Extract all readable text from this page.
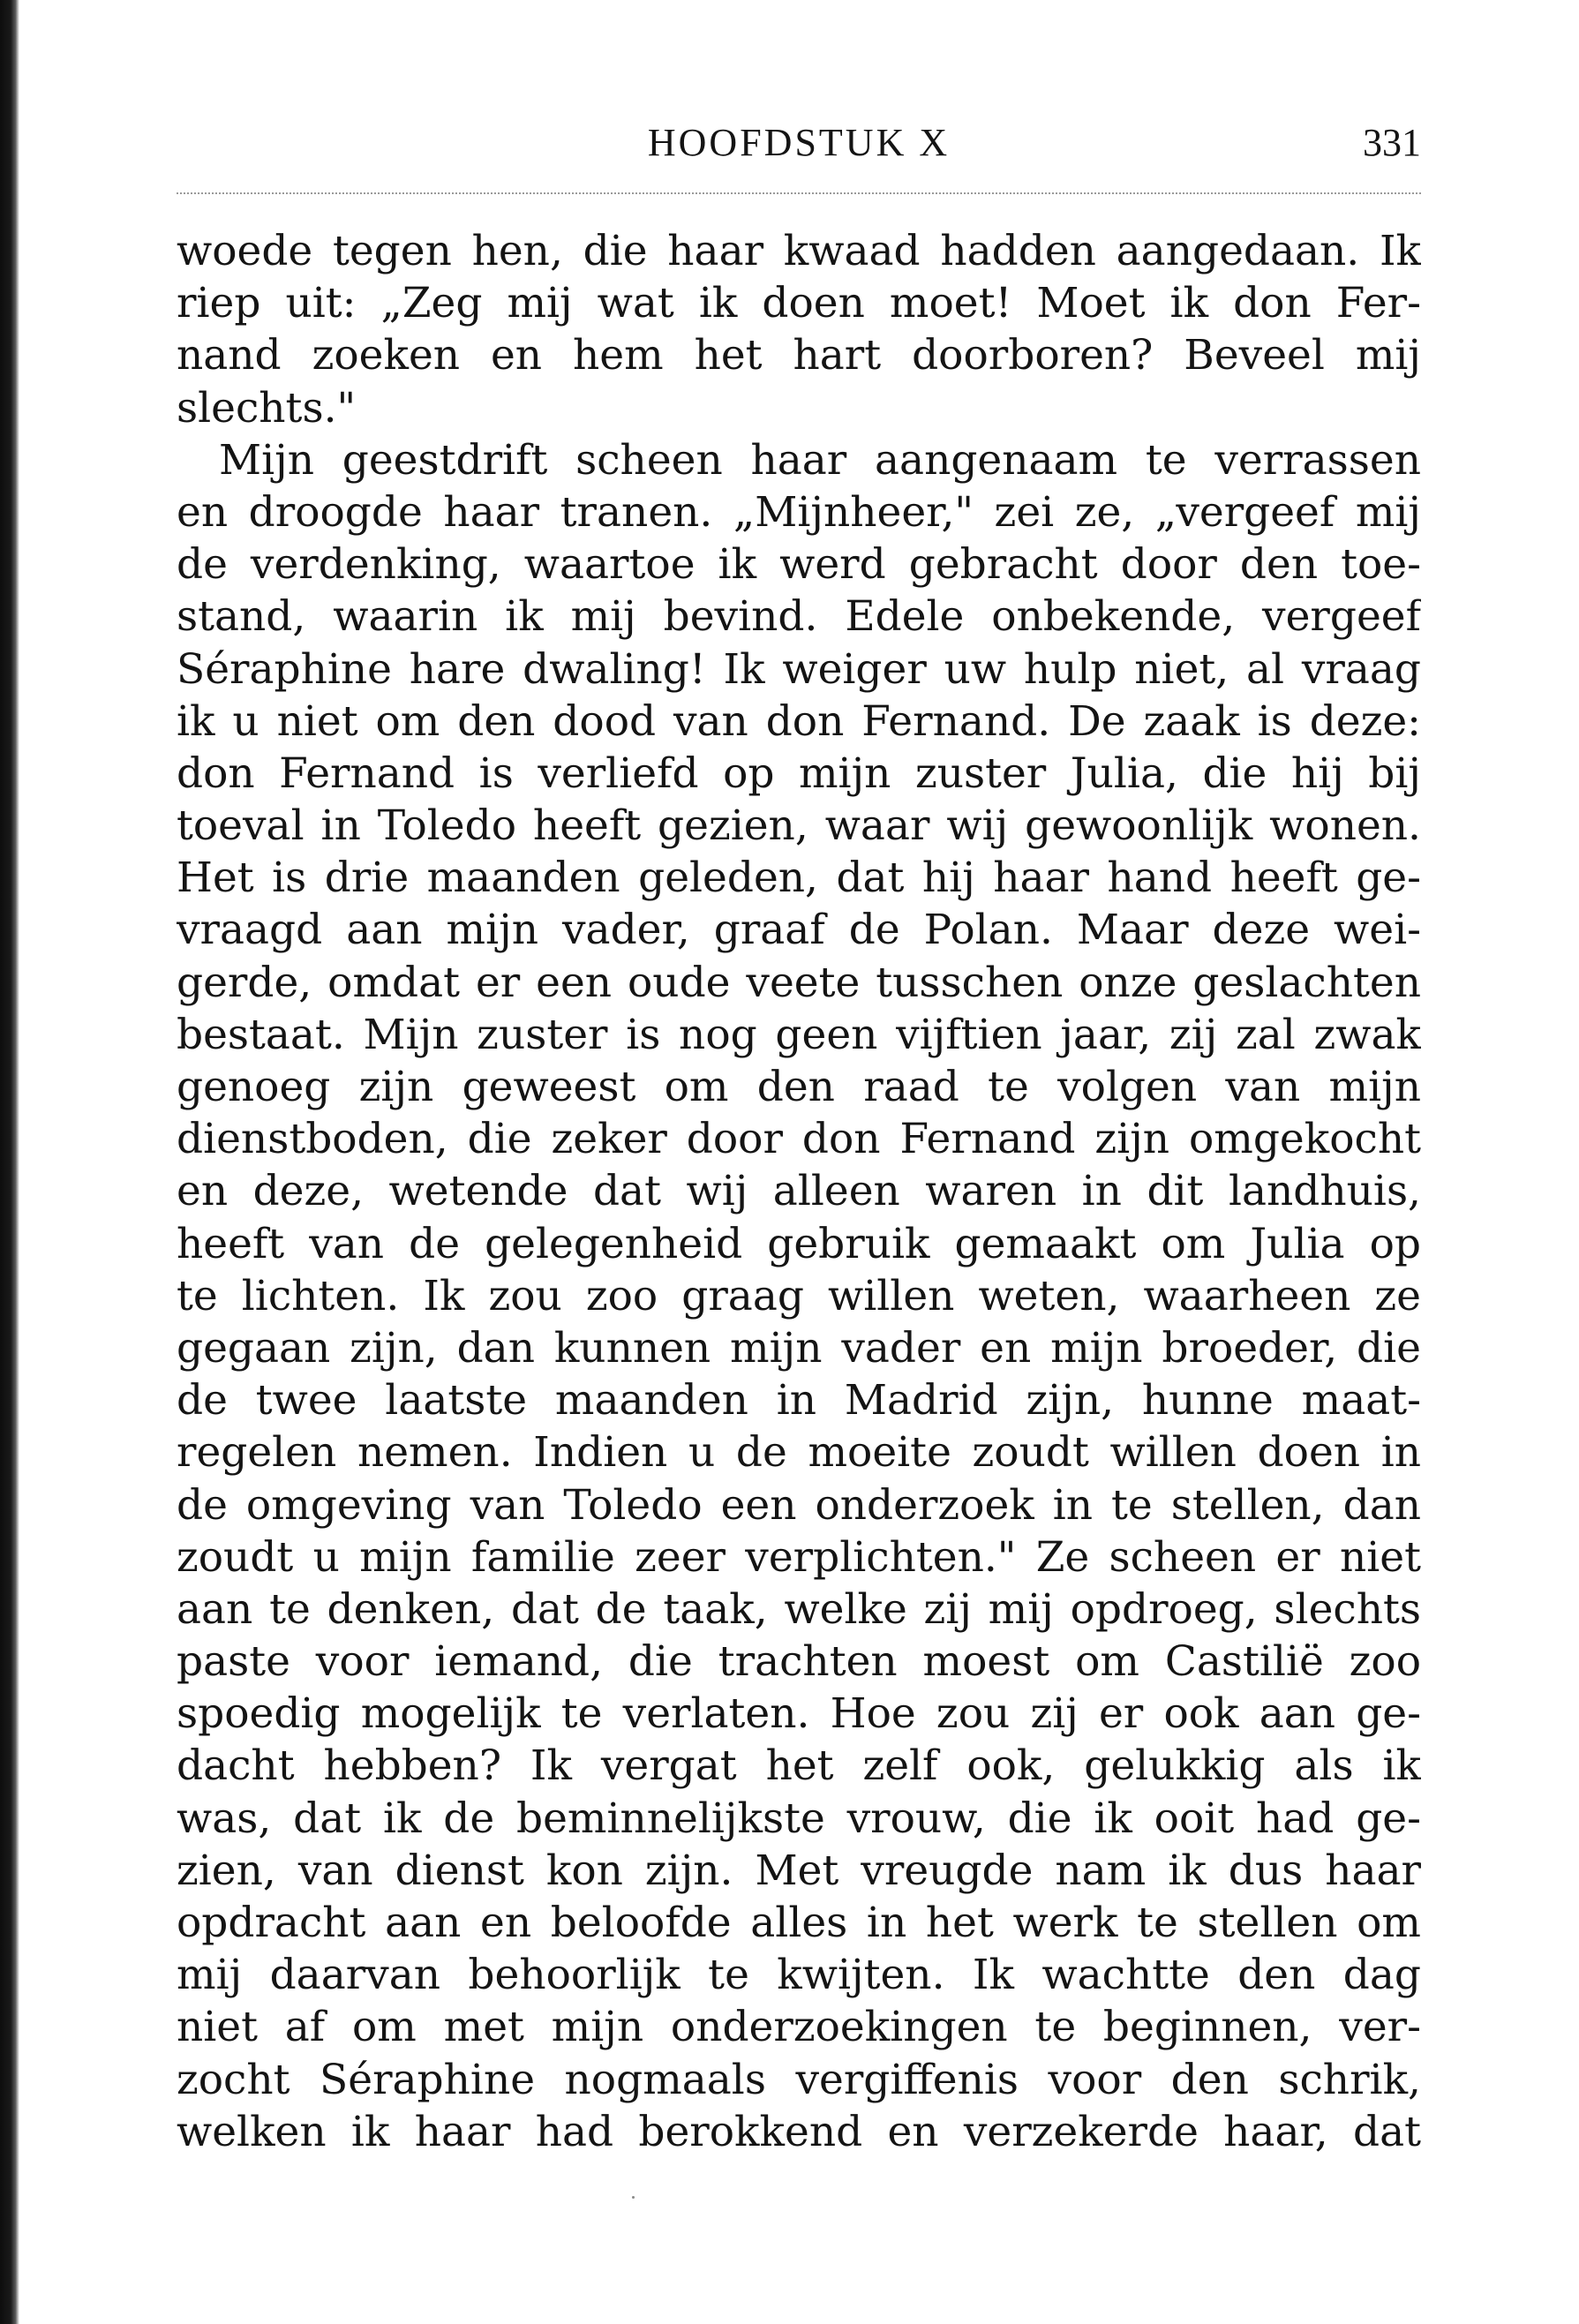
HOOFDSTUK X	331
woede tegen hen, die haar kwaad hadden aangedaan. Ik
riep uit: „Zeg mij wat ik doen moet! Moet ik don Fer-
nand zoeken en hem het hart doorboren? Beveel mij
slechts."
Mijn geestdrift scheen haar aangenaam te verrassen
en droogde haar tranen. „Mijnheer," zei ze, „vergeef mij
de verdenking, waartoe ik werd gebracht door den toe-
stand, waarin ik mij bevind. Edele onbekende, vergeef
Séraphine hare dwaling! Ik weiger uw hulp niet, al vraag
ik u niet om den dood van don Fernand. De zaak is deze:
don Fernand is verliefd op mijn zuster Julia, die hij bij
toeval in Toledo heeft gezien, waar wij gewoonlijk wonen.
Het is drie maanden geleden, dat hij haar hand heeft ge-
vraagd aan mijn vader, graaf de Polan. Maar deze wei-
gerde, omdat er een oude veete tusschen onze geslachten
bestaat. Mijn zuster is nog geen vijftien jaar, zij zal zwak
genoeg zijn geweest om den raad te volgen van mijn
dienstboden, die zeker door don Fernand zijn omgekocht
en deze, wetende dat wij alleen waren in dit landhuis,
heeft van de gelegenheid gebruik gemaakt om Julia op
te lichten. Ik zou zoo graag willen weten, waarheen ze
gegaan zijn, dan kunnen mijn vader en mijn broeder, die
de twee laatste maanden in Madrid zijn, hunne maat-
regelen nemen. Indien u de moeite zoudt willen doen in
de omgeving van Toledo een onderzoek in te stellen, dan
zoudt u mijn familie zeer verplichten." Ze scheen er niet
aan te denken, dat de taak, welke zij mij opdroeg, slechts
paste voor iemand, die trachten moest om Castilië zoo
spoedig mogelijk te verlaten. Hoe zou zij er ook aan ge-
dacht hebben? Ik vergat het zelf ook, gelukkig als ik
was, dat ik de beminnelijkste vrouw, die ik ooit had ge-
zien, van dienst kon zijn. Met vreugde nam ik dus haar
opdracht aan en beloofde alles in het werk te stellen om
mij daarvan behoorlijk te kwijten. Ik wachtte den dag
niet af om met mijn onderzoekingen te beginnen, ver-
zocht Séraphine nogmaals vergiffenis voor den schrik,
welken ik haar had berokkend en verzekerde haar, dat
